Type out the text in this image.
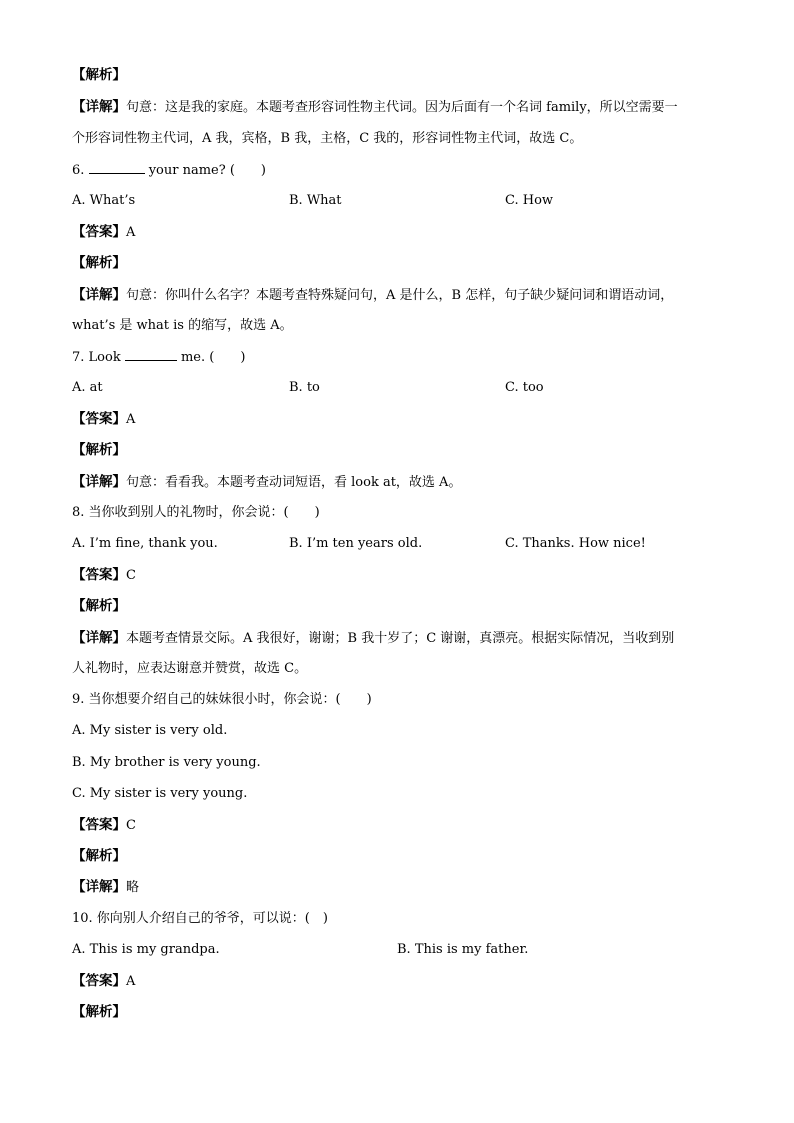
【解析】
【详解】句意：这是我的家庭。本题考查形容词性物主代词。因为后面有一个名词 family，所以空需要一
个形容词性物主代词，A 我，宾格，B 我，主格，C 我的，形容词性物主代词，故选 C。
6.	your name? (　　)
A. What’s	B. What	C. How
【答案】A
【解析】
【详解】句意：你叫什么名字？本题考查特殊疑问句，A 是什么，B 怎样，句子缺少疑问词和谓语动词，
what’s 是 what is 的缩写，故选 A。
7. Look	me. (　　)
A. at	B. to	C. too
【答案】A
【解析】
【详解】句意：看看我。本题考查动词短语，看 look at，故选 A。
8. 当你收到别人的礼物时，你会说：(　　)
A. I’m fine, thank you.	B. I’m ten years old.	C. Thanks. How nice!
【答案】C
【解析】
【详解】本题考查情景交际。A 我很好，谢谢；B 我十岁了；C 谢谢，真漂亮。根据实际情况，当收到别
人礼物时，应表达谢意并赞赏，故选 C。
9. 当你想要介绍自己的妹妹很小时，你会说：(　　)
A. My sister is very old.
B. My brother is very young.
C. My sister is very young.
【答案】C
【解析】
【详解】略
10. 你向别人介绍自己的爷爷，可以说：(　)
A. This is my grandpa.	B. This is my father.
【答案】A
【解析】
